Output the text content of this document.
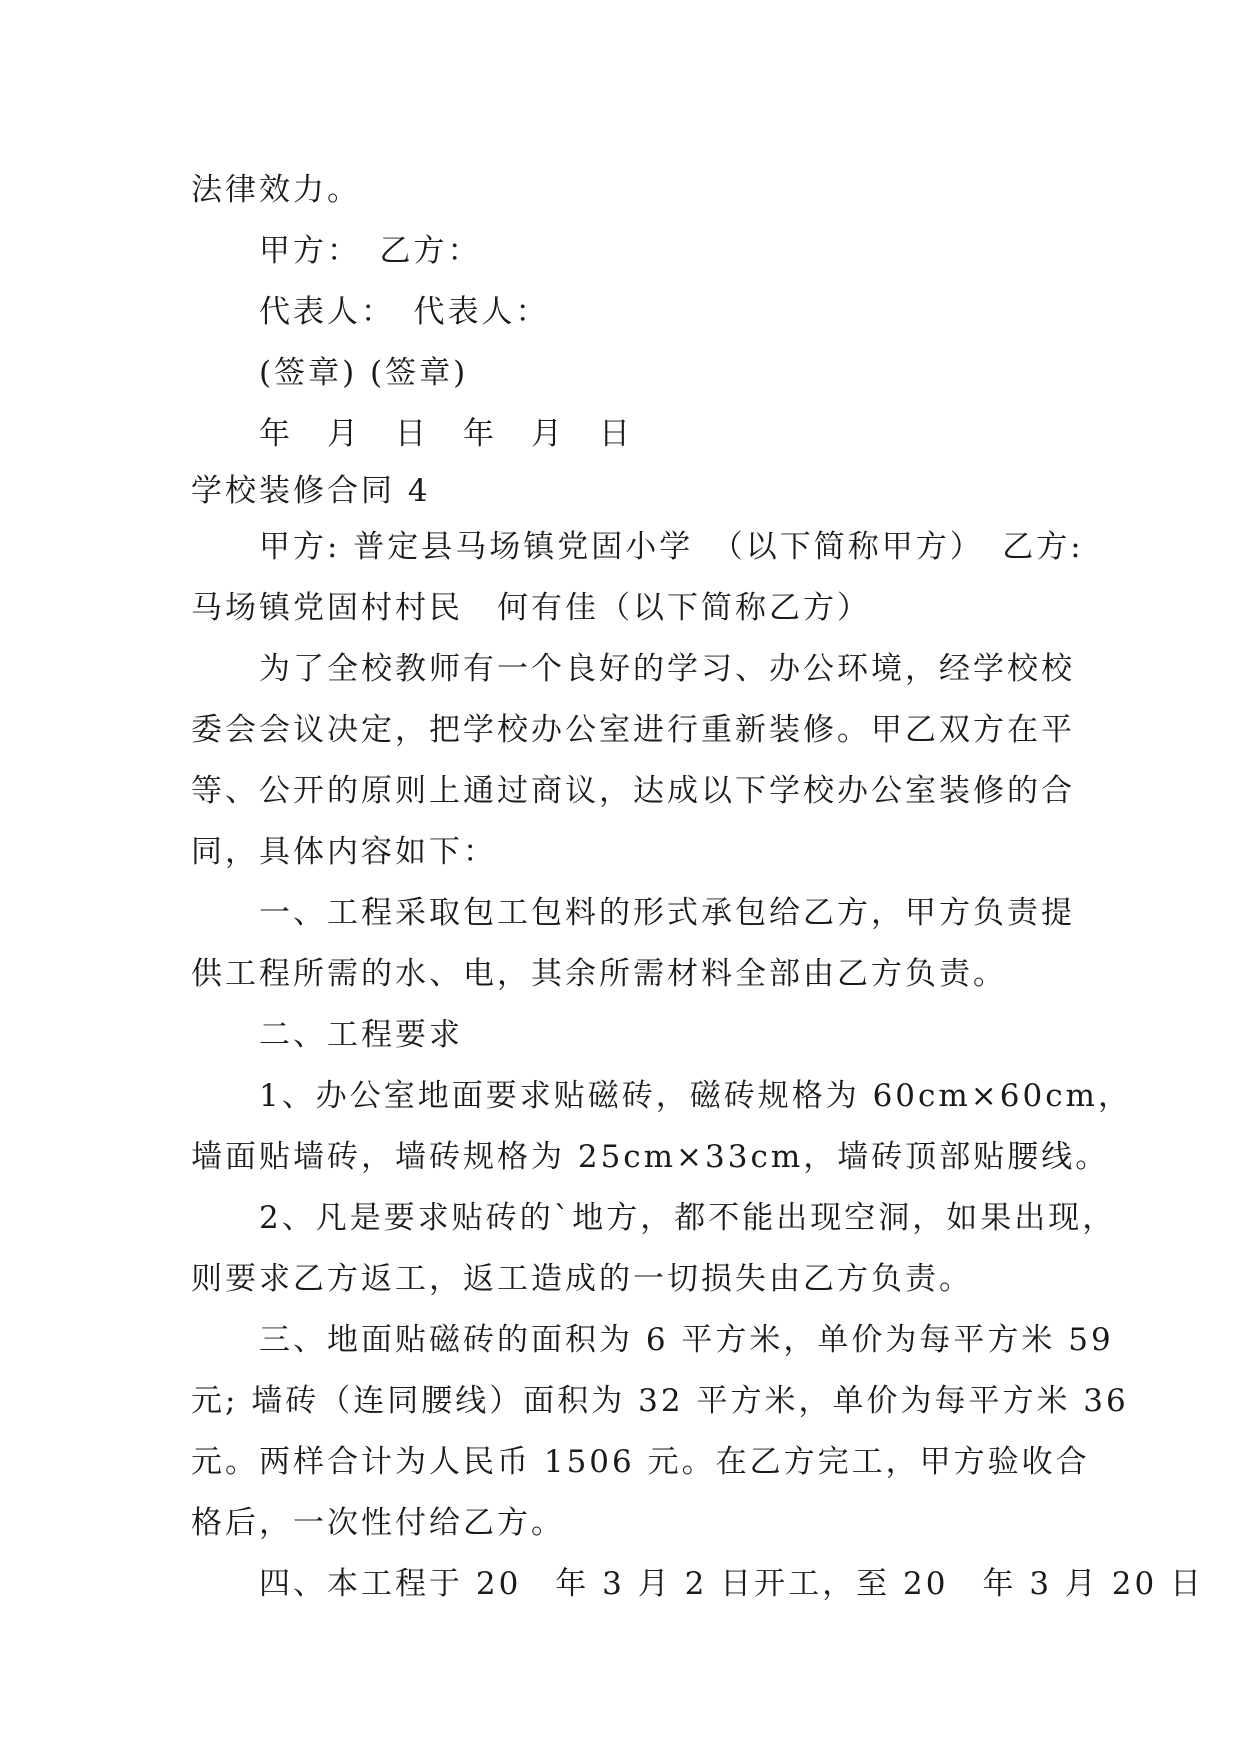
法律效力。
甲方：　乙方：
代表人：　代表人：
(签章) (签章)
年　月　日　年　月　日
学校装修合同 4
甲方: 普定县马场镇党固小学　（以下简称甲方）　乙方:
马场镇党固村村民　何有佳（以下简称乙方）
为了全校教师有一个良好的学习、办公环境，经学校校
委会会议决定，把学校办公室进行重新装修。甲乙双方在平
等、公开的原则上通过商议，达成以下学校办公室装修的合
同，具体内容如下：
一、工程采取包工包料的形式承包给乙方，甲方负责提
供工程所需的水、电，其余所需材料全部由乙方负责。
二、工程要求
1、办公室地面要求贴磁砖，磁砖规格为 60cm×60cm，
墙面贴墙砖，墙砖规格为 25cm×33cm，墙砖顶部贴腰线。
2、凡是要求贴砖的`地方，都不能出现空洞，如果出现，
则要求乙方返工，返工造成的一切损失由乙方负责。
三、地面贴磁砖的面积为 6 平方米，单价为每平方米 59
元; 墙砖（连同腰线）面积为 32 平方米，单价为每平方米 36
元。两样合计为人民币 1506 元。在乙方完工，甲方验收合
格后，一次性付给乙方。
四、本工程于 20　年 3 月 2 日开工，至 20　年 3 月 20 日
